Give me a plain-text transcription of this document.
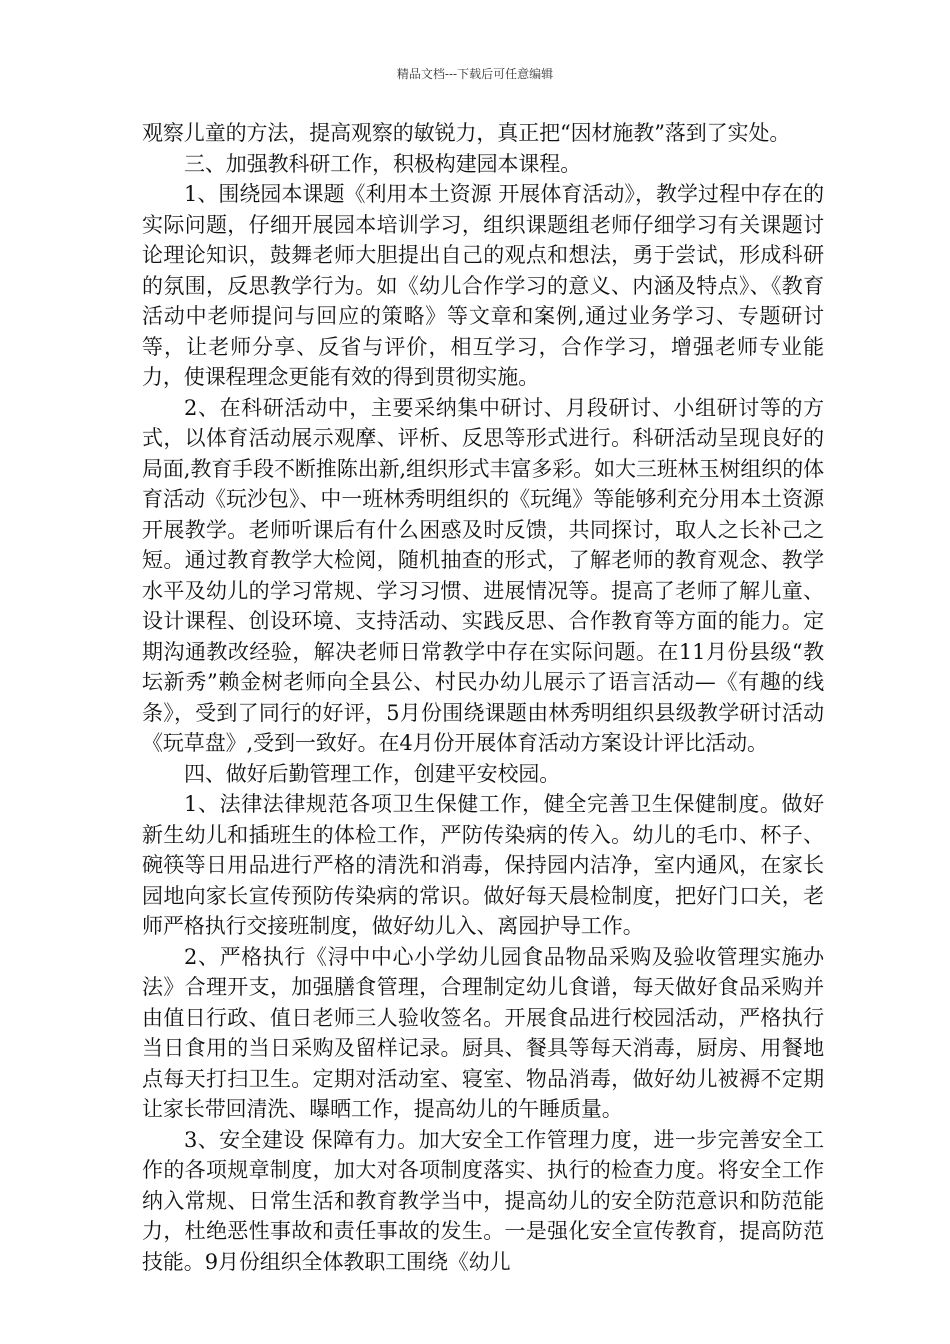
精品文档---下载后可任意编辑

观察儿童的方法，提高观察的敏锐力，真正把“因材施教”落到了实处。

三、加强教科研工作，积极构建园本课程。

1、围绕园本课题《利用本土资源 开展体育活动》，教学过程中存在的实际问题，仔细开展园本培训学习，组织课题组老师仔细学习有关课题讨论理论知识，鼓舞老师大胆提出自己的观点和想法，勇于尝试，形成科研的氛围，反思教学行为。如《幼儿合作学习的意义、内涵及特点》、《教育活动中老师提问与回应的策略》等文章和案例,通过业务学习、专题研讨等，让老师分享、反省与评价，相互学习，合作学习，增强老师专业能力，使课程理念更能有效的得到贯彻实施。

2、在科研活动中，主要采纳集中研讨、月段研讨、小组研讨等的方式，以体育活动展示观摩、评析、反思等形式进行。科研活动呈现良好的局面,教育手段不断推陈出新,组织形式丰富多彩。如大三班林玉树组织的体育活动《玩沙包》、中一班林秀明组织的《玩绳》等能够利充分用本土资源开展教学。老师听课后有什么困惑及时反馈，共同探讨，取人之长补己之短。通过教育教学大检阅，随机抽查的形式，了解老师的教育观念、教学水平及幼儿的学习常规、学习习惯、进展情况等。提高了老师了解儿童、设计课程、创设环境、支持活动、实践反思、合作教育等方面的能力。定期沟通教改经验，解决老师日常教学中存在实际问题。在11月份县级“教坛新秀”赖金树老师向全县公、村民办幼儿展示了语言活动—《有趣的线条》，受到了同行的好评，5月份围绕课题由林秀明组织县级教学研讨活动《玩草盘》,受到一致好。在4月份开展体育活动方案设计评比活动。

四、做好后勤管理工作，创建平安校园。

1、法律法律规范各项卫生保健工作，健全完善卫生保健制度。做好新生幼儿和插班生的体检工作，严防传染病的传入。幼儿的毛巾、杯子、碗筷等日用品进行严格的清洗和消毒，保持园内洁净，室内通风，在家长园地向家长宣传预防传染病的常识。做好每天晨检制度，把好门口关，老师严格执行交接班制度，做好幼儿入、离园护导工作。

2、严格执行《浔中中心小学幼儿园食品物品采购及验收管理实施办法》合理开支，加强膳食管理，合理制定幼儿食谱，每天做好食品采购并由值日行政、值日老师三人验收签名。开展食品进行校园活动，严格执行当日食用的当日采购及留样记录。厨具、餐具等每天消毒，厨房、用餐地点每天打扫卫生。定期对活动室、寝室、物品消毒，做好幼儿被褥不定期让家长带回清洗、曝晒工作，提高幼儿的午睡质量。

3、安全建设 保障有力。加大安全工作管理力度，进一步完善安全工作的各项规章制度，加大对各项制度落实、执行的检查力度。将安全工作纳入常规、日常生活和教育教学当中，提高幼儿的安全防范意识和防范能力，杜绝恶性事故和责任事故的发生。一是强化安全宣传教育，提高防范技能。9月份组织全体教职工围绕《幼儿
